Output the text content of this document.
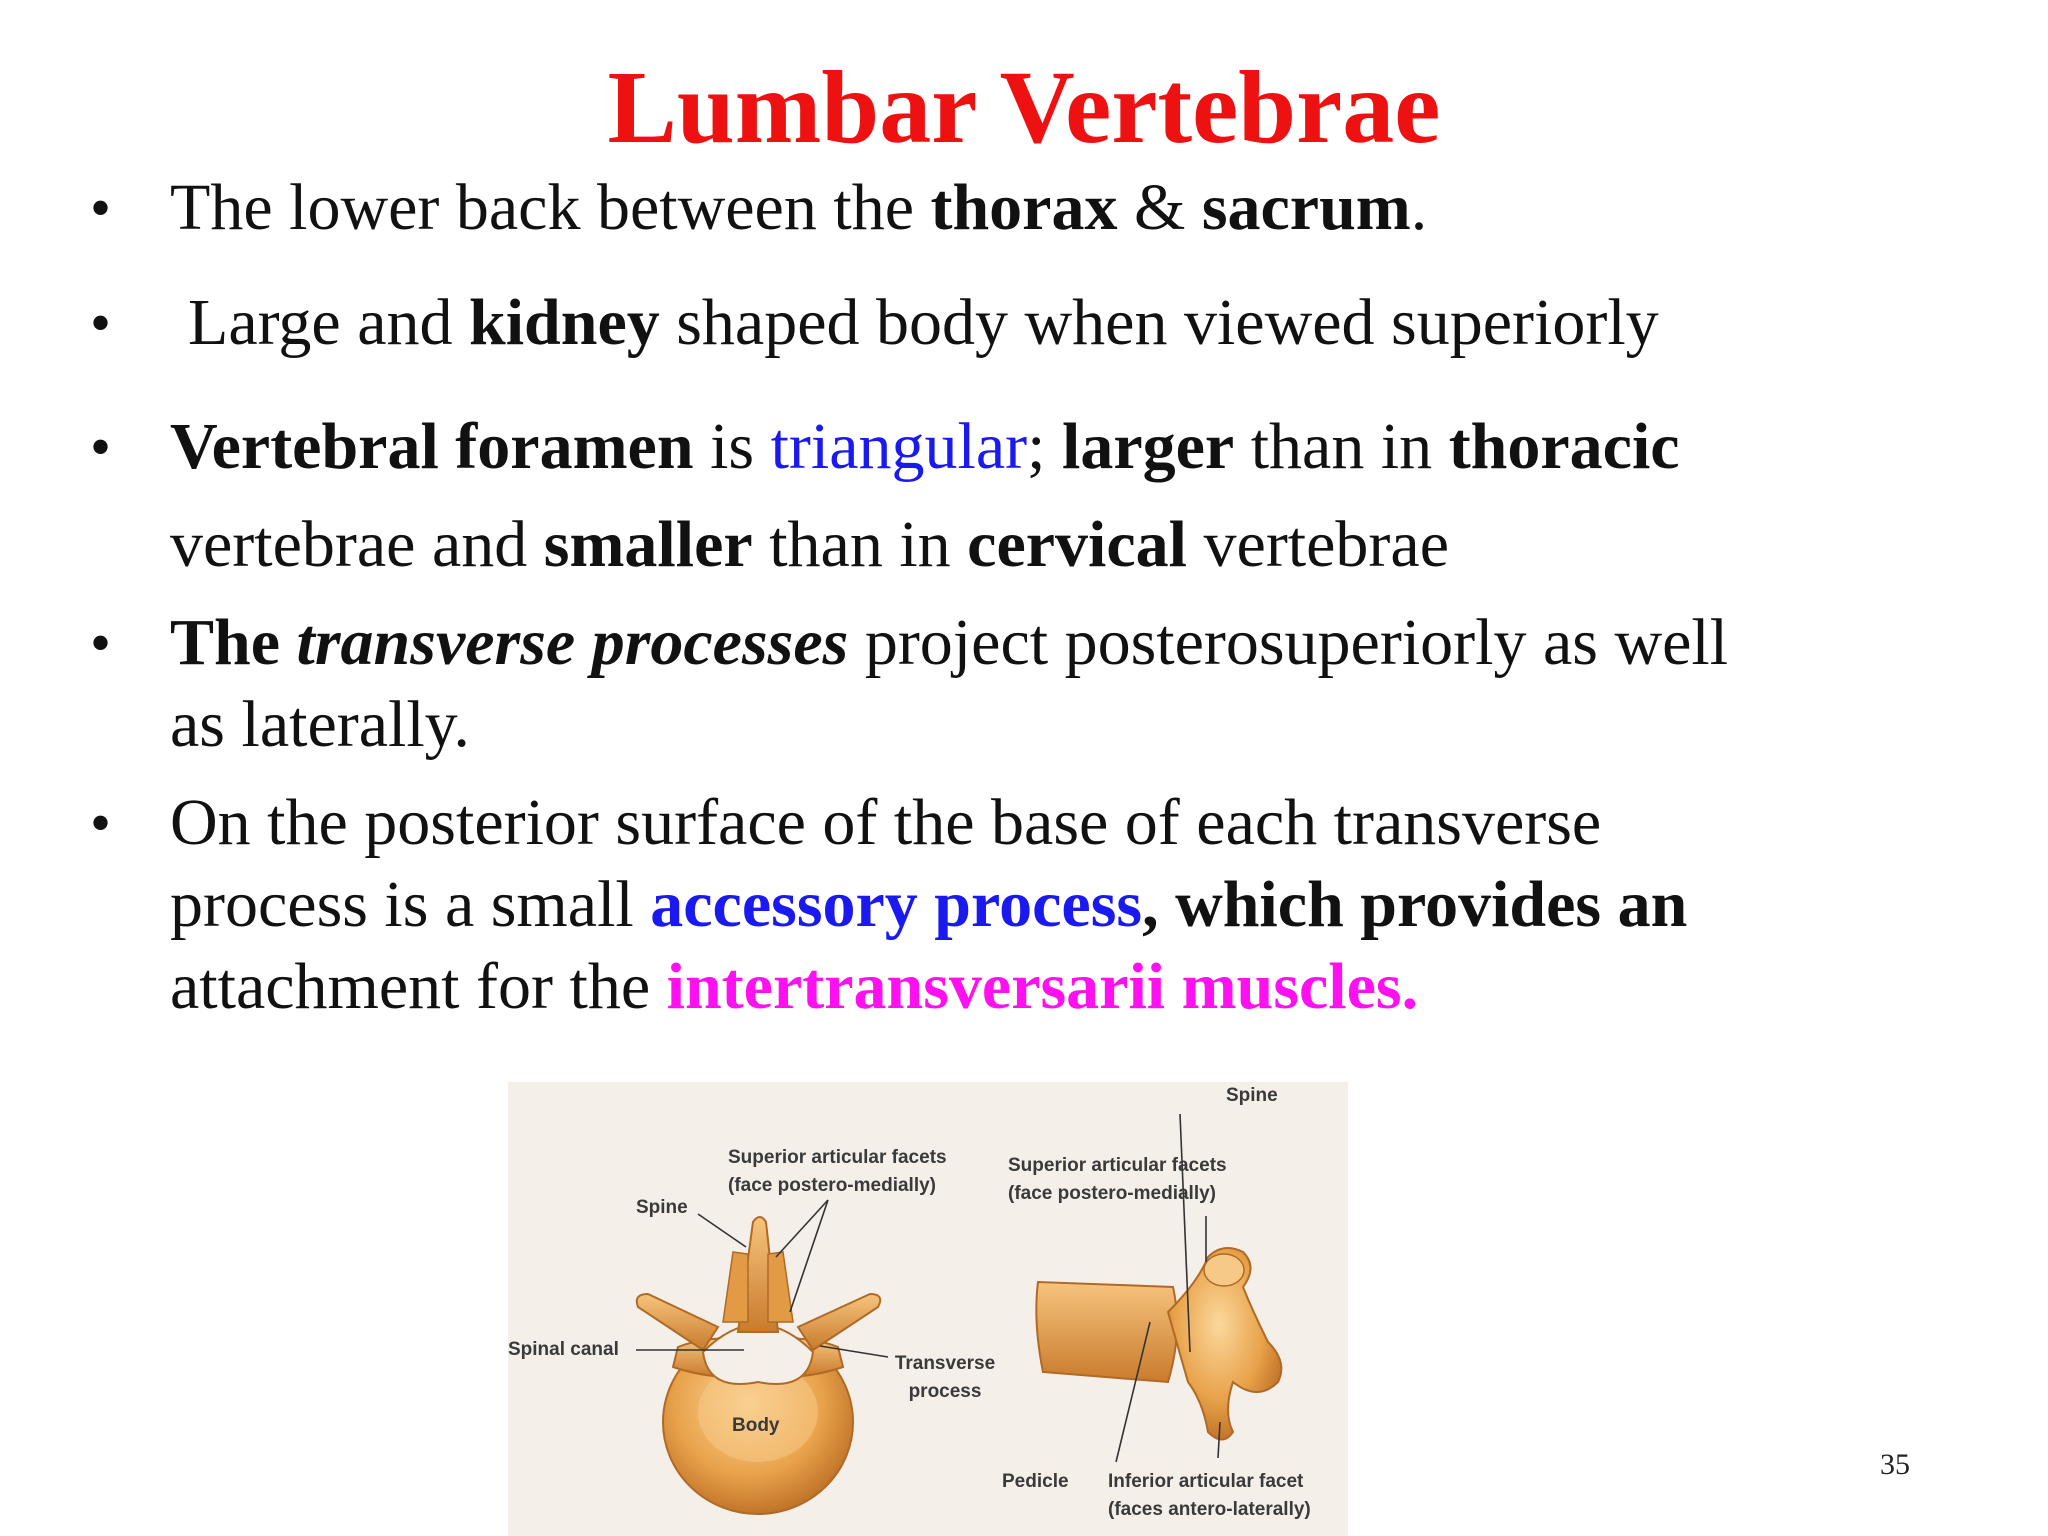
Lumbar Vertebrae
• The lower back between the thorax & sacrum.
• Large and kidney shaped body when viewed superiorly
• Vertebral foramen is triangular; larger than in thoracic
vertebrae and smaller than in cervical vertebrae
• The transverse processes project posterosuperiorly as well
as laterally.
• On the posterior surface of the base of each transverse
process is a small accessory process, which provides an
attachment for the intertransversarii muscles.
Spine
Superior articular facets
(face postero-medially)
Spine
Superior articular facets
(face postero-medially)
Spinal canal
Transverse
process
Body
Pedicle Inferior articular facet
(faces antero-laterally)
35
